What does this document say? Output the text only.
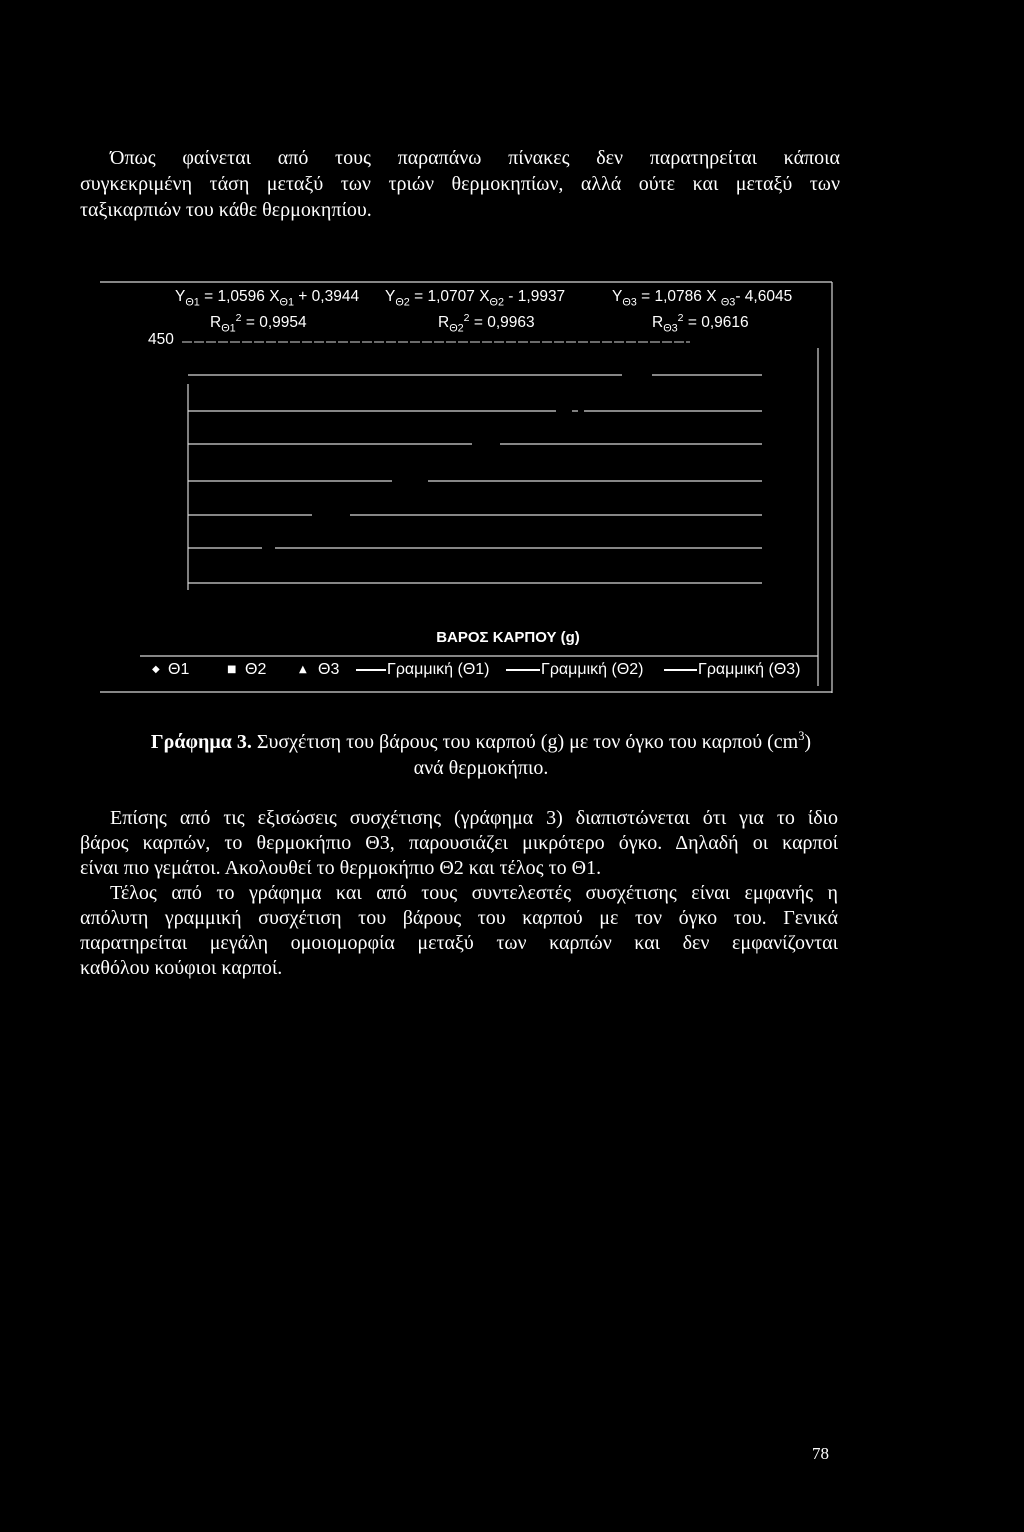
Όπως φαίνεται από τους παραπάνω πίνακες δεν παρατηρείται κάποια
συγκεκριμένη τάση μεταξύ των τριών θερμοκηπίων, αλλά ούτε και μεταξύ των
ταξικαρπιών του κάθε θερμοκηπίου.
$Y_{\Theta 1} = 1,0596$ $X_{\Theta 1} + 0,3944$ $Y_{\Theta 2} = 1,0707$ $X_{\Theta 2} - 1,9937$	$Y_{\Theta 3} = 1,0786$ X $_{\Theta 3}$- 4,6045
$R_{\Theta 1}^2 = 0,9954$	$R_{\Theta 2}^2 = 0,9963$	$R_{\Theta 3}^2 = 0,9616$
450
ΒΑΡΟΣ ΚΑΡΠΟΥ (g)
◆ Θ1	■ Θ2	▲ Θ3	Γραμμική (Θ1)	Γραμμική (Θ2)	Γραμμική (Θ3)
Γράφημα 3. Συσχέτιση του βάρους του καρπού (g) με τον όγκο του καρπού $(cm^3)$
ανά θερμοκήπιο.
Επίσης από τις εξισώσεις συσχέτισης (γράφημα 3) διαπιστώνεται ότι για το ίδιο
βάρος καρπών, το θερμοκήπιο Θ3, παρουσιάζει μικρότερο όγκο. Δηλαδή οι καρποί
είναι πιο γεμάτοι. Ακολουθεί το θερμοκήπιο Θ2 και τέλος το Θ1.
Τέλος από το γράφημα και από τους συντελεστές συσχέτισης είναι εμφανής η
απόλυτη γραμμική συσχέτιση του βάρους του καρπού με τον όγκο του. Γενικά
παρατηρείται μεγάλη ομοιομορφία μεταξύ των καρπών και δεν εμφανίζονται
καθόλου κούφιοι καρποί.
78
